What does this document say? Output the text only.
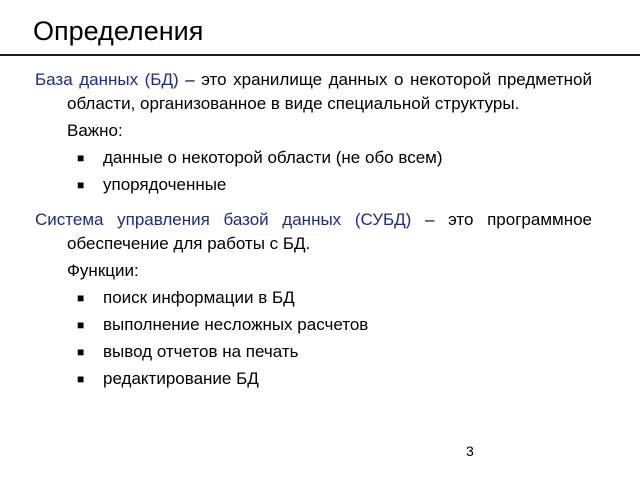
Определения

База данных (БД) – это хранилище данных о некоторой предметной области, организованное в виде специальной структуры.

Важно:
■	данные о некоторой области (не обо всем)
■	упорядоченные

Система управления базой данных (СУБД) – это программное обеспечение для работы с БД.

Функции:
■	поиск информации в БД
■	выполнение несложных расчетов
■	вывод отчетов на печать
■	редактирование БД
3
